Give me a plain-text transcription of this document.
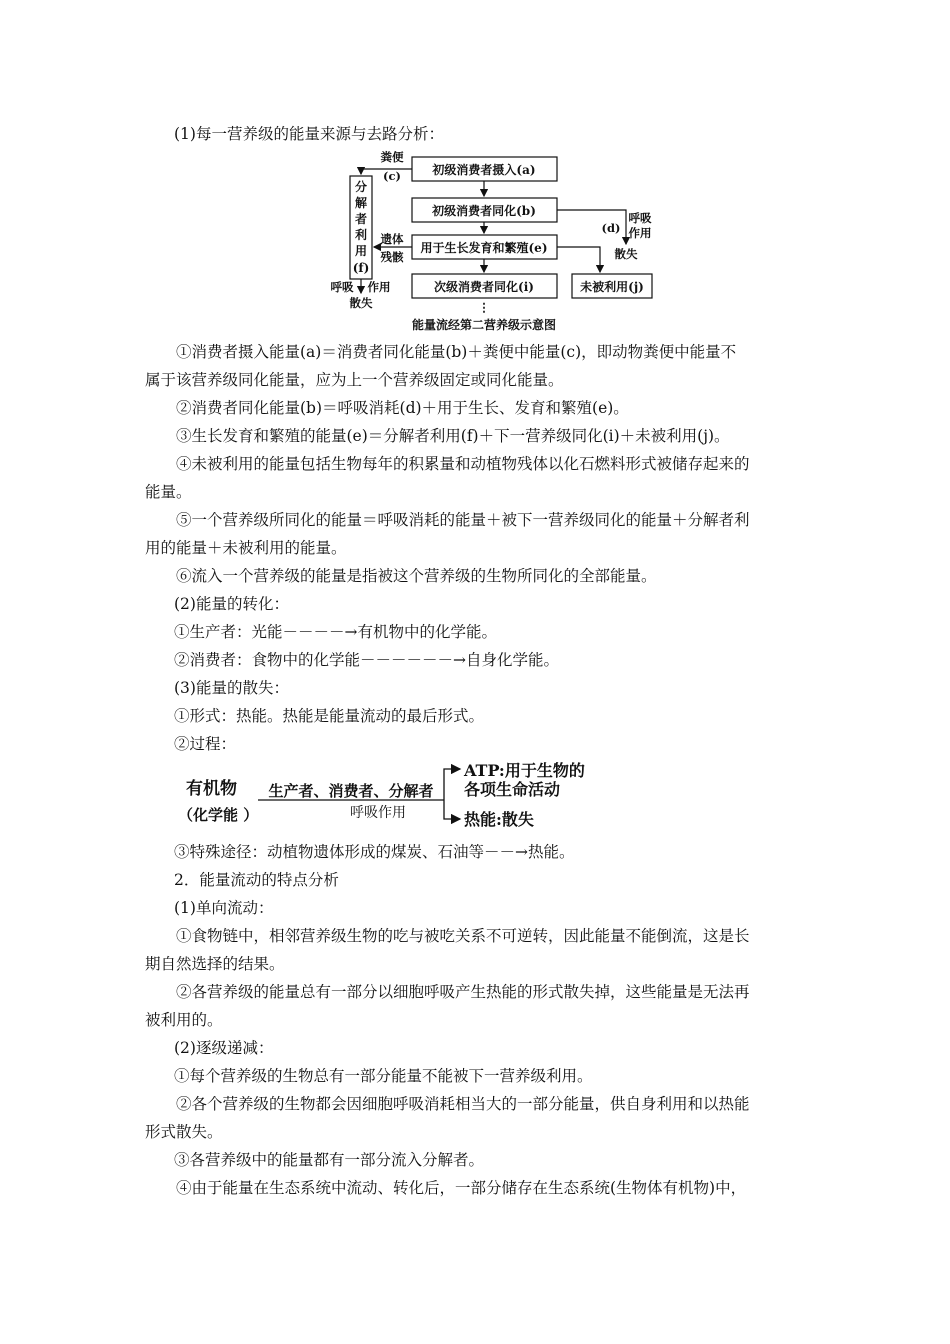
(1)每一营养级的能量来源与去路分析：
初级消费者摄入(a)
初级消费者同化(b)
用于生长发育和繁殖(e)
次级消费者同化(i)	未被利用(j)
分
解
者
利
用
(f)
粪便
(c)
遗体
残骸
(d)
呼吸
作用
散失
呼吸 作用
散失	⋮
能量流经第二营养级示意图
①消费者摄入能量(a)＝消费者同化能量(b)＋粪便中能量(c)，即动物粪便中能量不
属于该营养级同化能量，应为上一个营养级固定或同化能量。
②消费者同化能量(b)＝呼吸消耗(d)＋用于生长、发育和繁殖(e)。
③生长发育和繁殖的能量(e)＝分解者利用(f)＋下一营养级同化(i)＋未被利用(j)。
④未被利用的能量包括生物每年的积累量和动植物残体以化石燃料形式被储存起来的
能量。
⑤一个营养级所同化的能量＝呼吸消耗的能量＋被下一营养级同化的能量＋分解者利
用的能量＋未被利用的能量。
⑥流入一个营养级的能量是指被这个营养级的生物所同化的全部能量。
(2)能量的转化：
①生产者：光能－－－－→有机物中的化学能。
②消费者：食物中的化学能－－－－－－→自身化学能。
(3)能量的散失：
①形式：热能。热能是能量流动的最后形式。
②过程：
有机物
（化学能 ）
生产者、消费者、分解者
呼吸作用
ATP:用于生物的
各项生命活动
热能:散失
③特殊途径：动植物遗体形成的煤炭、石油等－－→热能。
2．能量流动的特点分析
(1)单向流动：
①食物链中，相邻营养级生物的吃与被吃关系不可逆转，因此能量不能倒流，这是长
期自然选择的结果。
②各营养级的能量总有一部分以细胞呼吸产生热能的形式散失掉，这些能量是无法再
被利用的。
(2)逐级递减：
①每个营养级的生物总有一部分能量不能被下一营养级利用。
②各个营养级的生物都会因细胞呼吸消耗相当大的一部分能量，供自身利用和以热能
形式散失。
③各营养级中的能量都有一部分流入分解者。
④由于能量在生态系统中流动、转化后，一部分储存在生态系统(生物体有机物)中，
